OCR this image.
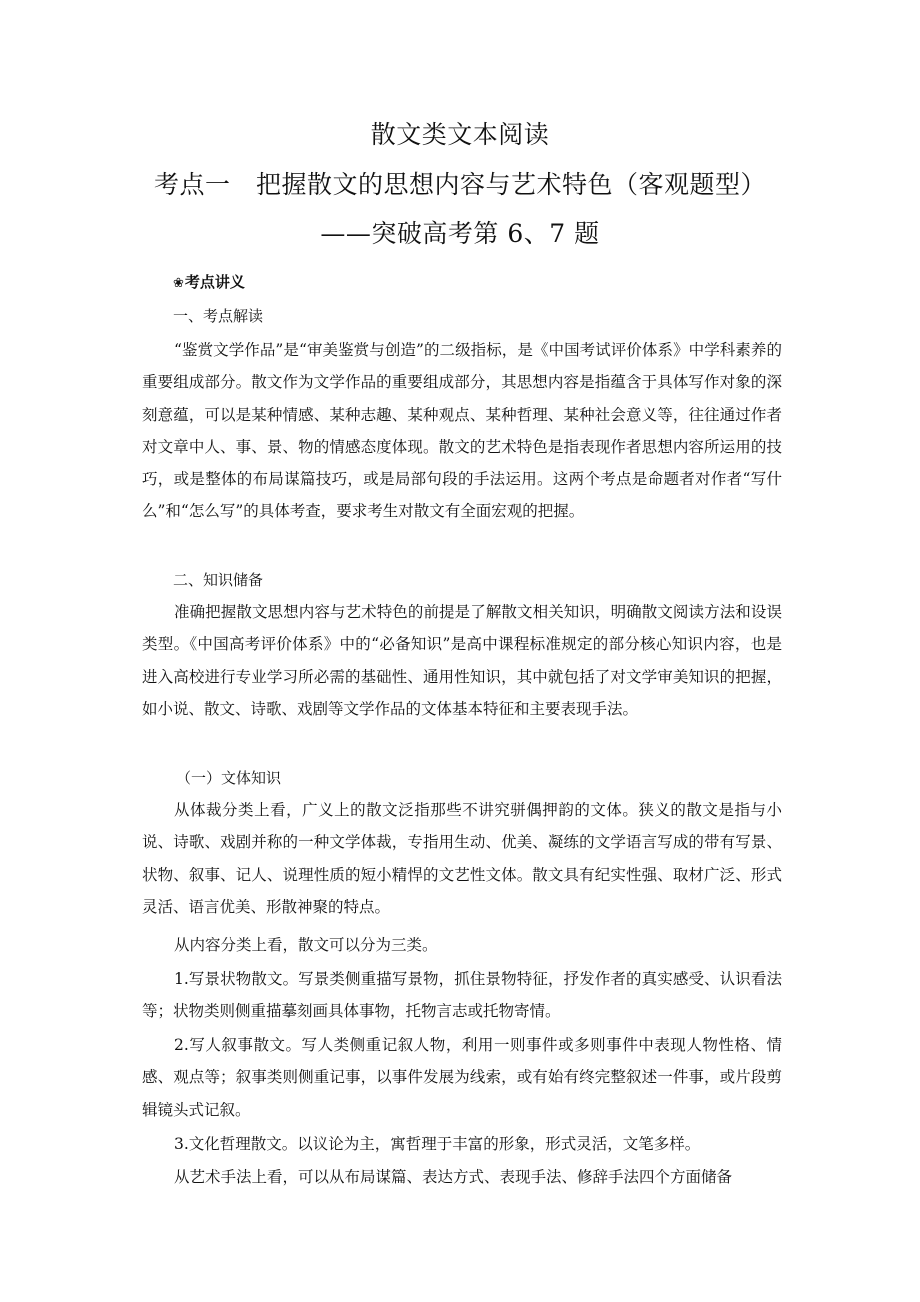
散文类文本阅读
考点一　把握散文的思想内容与艺术特色（客观题型）
——突破高考第 6、7 题
❀考点讲义
一、考点解读

“鉴赏文学作品”是“审美鉴赏与创造”的二级指标，是《中国考试评价体系》中学科素养的重要组成部分。散文作为文学作品的重要组成部分，其思想内容是指蕴含于具体写作对象的深刻意蕴，可以是某种情感、某种志趣、某种观点、某种哲理、某种社会意义等，往往通过作者对文章中人、事、景、物的情感态度体现。散文的艺术特色是指表现作者思想内容所运用的技巧，或是整体的布局谋篇技巧，或是局部句段的手法运用。这两个考点是命题者对作者“写什么”和“怎么写”的具体考查，要求考生对散文有全面宏观的把握。

二、知识储备

准确把握散文思想内容与艺术特色的前提是了解散文相关知识，明确散文阅读方法和设误类型。《中国高考评价体系》中的“必备知识”是高中课程标准规定的部分核心知识内容，也是进入高校进行专业学习所必需的基础性、通用性知识，其中就包括了对文学审美知识的把握，如小说、散文、诗歌、戏剧等文学作品的文体基本特征和主要表现手法。

（一）文体知识

从体裁分类上看，广义上的散文泛指那些不讲究骈偶押韵的文体。狭义的散文是指与小说、诗歌、戏剧并称的一种文学体裁，专指用生动、优美、凝练的文学语言写成的带有写景、状物、叙事、记人、说理性质的短小精悍的文艺性文体。散文具有纪实性强、取材广泛、形式灵活、语言优美、形散神聚的特点。

从内容分类上看，散文可以分为三类。

1.写景状物散文。写景类侧重描写景物，抓住景物特征，抒发作者的真实感受、认识看法等；状物类则侧重描摹刻画具体事物，托物言志或托物寄情。

2.写人叙事散文。写人类侧重记叙人物，利用一则事件或多则事件中表现人物性格、情感、观点等；叙事类则侧重记事，以事件发展为线索，或有始有终完整叙述一件事，或片段剪辑镜头式记叙。

3.文化哲理散文。以议论为主，寓哲理于丰富的形象，形式灵活，文笔多样。

从艺术手法上看，可以从布局谋篇、表达方式、表现手法、修辞手法四个方面储备
